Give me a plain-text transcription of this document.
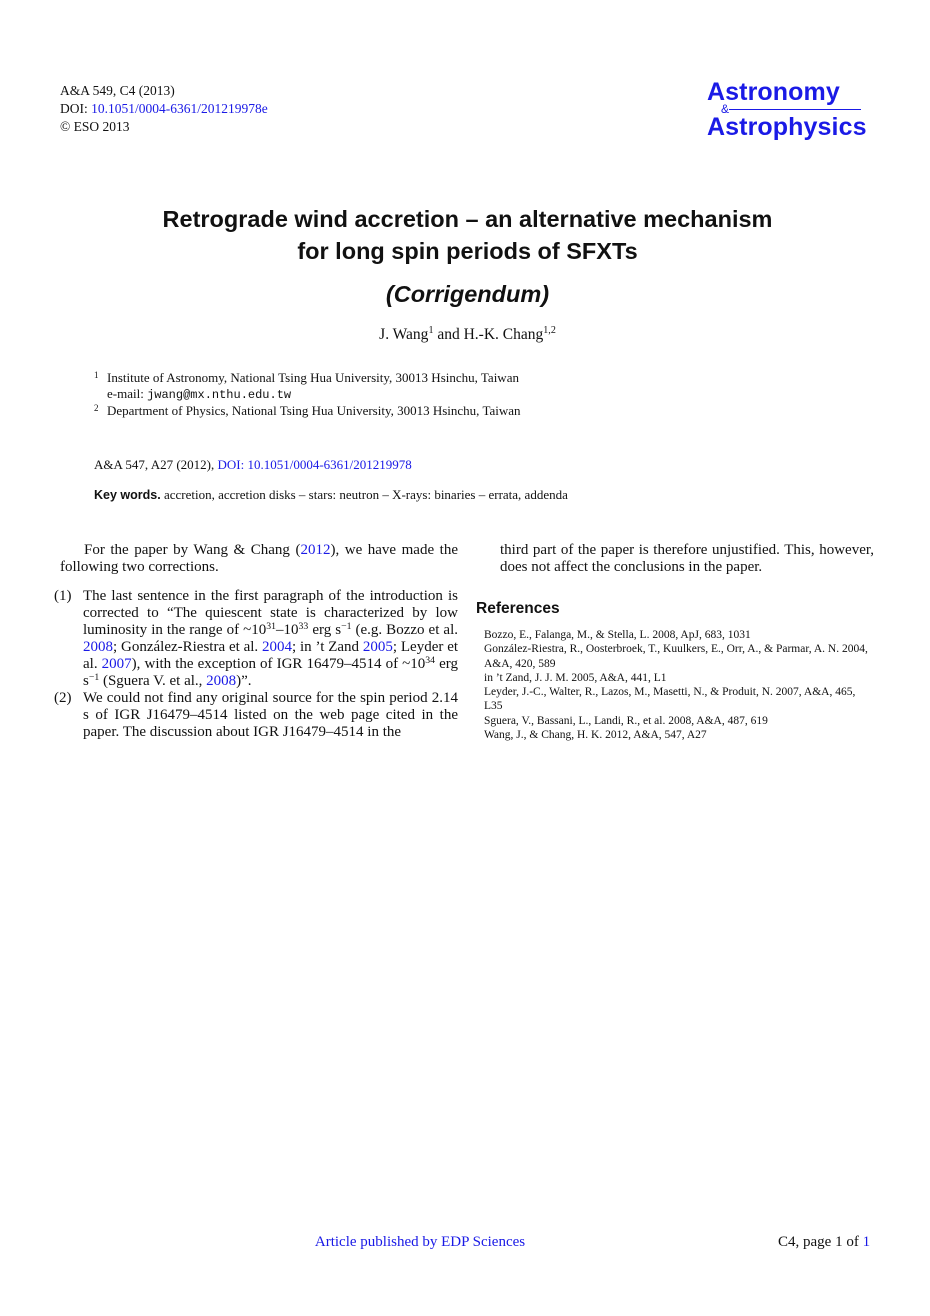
A&A 549, C4 (2013)
DOI: 10.1051/0004-6361/201219978e
© ESO 2013
Astronomy
&
Astrophysics
Retrograde wind accretion – an alternative mechanism
for long spin periods of SFXTs
(Corrigendum)
J. Wang$^1$ and H.-K. Chang$^{1,2}$
1 Institute of Astronomy, National Tsing Hua University, 30013 Hsinchu, Taiwan
e-mail: jwang@mx.nthu.edu.tw
2 Department of Physics, National Tsing Hua University, 30013 Hsinchu, Taiwan
A&A 547, A27 (2012), DOI: 10.1051/0004-6361/201219978
Key words. accretion, accretion disks – stars: neutron – X-rays: binaries – errata, addenda

For the paper by Wang & Chang (2012), we have made the following two corrections.

(1) The last sentence in the first paragraph of the introduction is corrected to “The quiescent state is characterized by low luminosity in the range of $\sim 10^{31}-10^{33}$ erg $s^{-1}$ (e.g. Bozzo et al. 2008; González-Riestra et al. 2004; in ’t Zand 2005; Leyder et al. 2007), with the exception of IGR 16479–4514 of $\sim 10^{34}$ erg $s^{-1}$ (Sguera V. et al., 2008)”.

(2) We could not find any original source for the spin period 2.14 s of IGR J16479–4514 listed on the web page cited in the paper. The discussion about IGR J16479–4514 in the

third part of the paper is therefore unjustified. This, however, does not affect the conclusions in the paper.

References
Bozzo, E., Falanga, M., & Stella, L. 2008, ApJ, 683, 1031
González-Riestra, R., Oosterbroek, T., Kuulkers, E., Orr, A., & Parmar, A. N. 2004, A&A, 420, 589
in ’t Zand, J. J. M. 2005, A&A, 441, L1
Leyder, J.-C., Walter, R., Lazos, M., Masetti, N., & Produit, N. 2007, A&A, 465, L35
Sguera, V., Bassani, L., Landi, R., et al. 2008, A&A, 487, 619
Wang, J., & Chang, H. K. 2012, A&A, 547, A27
Article published by EDP Sciences	C4, page 1 of 1
